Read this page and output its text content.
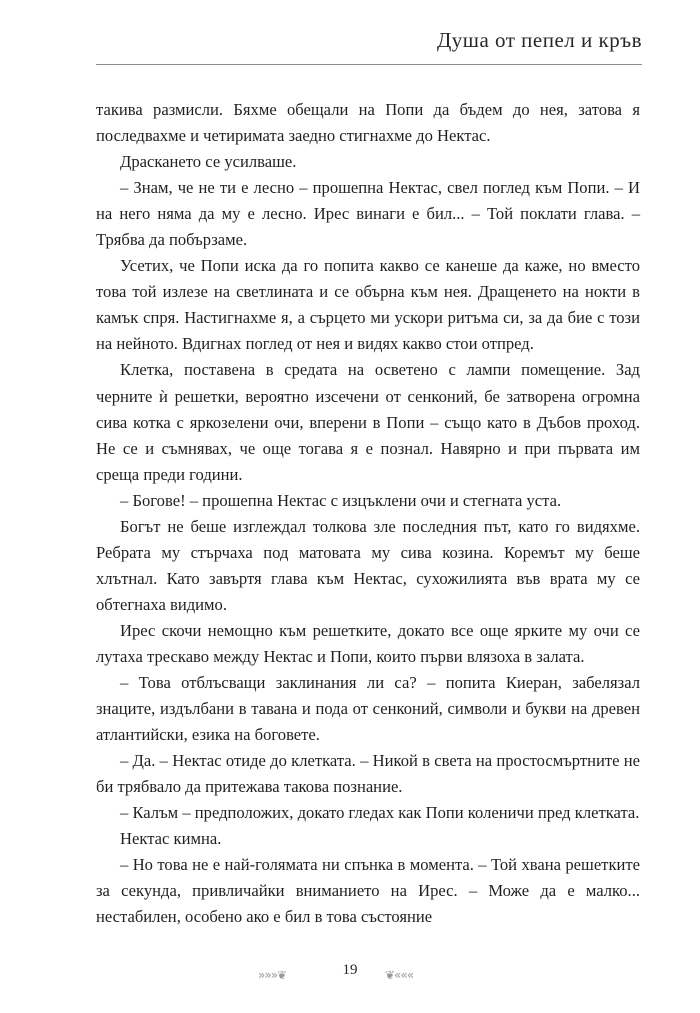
Душа от пепел и кръв

такива размисли. Бяхме обещали на Попи да бъдем до нея, затова я последвахме и четиримата заедно стигнахме до Нектас.

Драскането се усилваше.

– Знам, че не ти е лесно – прошепна Нектас, свел поглед към Попи. – И на него няма да му е лесно. Ирес винаги е бил... – Той поклати глава. – Трябва да побързаме.

Усетих, че Попи иска да го попита какво се канеше да каже, но вместо това той излезе на светлината и се обърна към нея. Дращенето на нокти в камък спря. Настигнахме я, а сърцето ми ускори ритъма си, за да бие с този на нейното. Вдигнах поглед от нея и видях какво стои отпред.

Клетка, поставена в средата на осветено с лампи помещение. Зад черните ѝ решетки, вероятно изсечени от сенконий, бе затворена огромна сива котка с яркозелени очи, вперени в Попи – също като в Дъбов проход. Не се и съмнявах, че още тогава я е познал. Навярно и при първата им среща преди години.

– Богове! – прошепна Нектас с изцъклени очи и стегната уста.

Богът не беше изглеждал толкова зле последния път, като го видяхме. Ребрата му стърчаха под матовата му сива козина. Коремът му беше хлътнал. Като завъртя глава към Нектас, сухожилията във врата му се обтегнаха видимо.

Ирес скочи немощно към решетките, докато все още ярките му очи се лутаха трескаво между Нектас и Попи, които първи влязоха в залата.

– Това отблъсващи заклинания ли са? – попита Киеран, забелязал знаците, издълбани в тавана и пода от сенконий, символи и букви на древен атлантийски, езика на боговете.

– Да. – Нектас отиде до клетката. – Никой в света на простосмъртните не би трябвало да притежава такова познание.

– Калъм – предположих, докато гледах как Попи коленичи пред клетката.

Нектас кимна.

– Но това не е най-голямата ни спънка в момента. – Той хвана решетките за секунда, привличайки вниманието на Ирес. – Може да е малко... нестабилен, особено ако е бил в това състояние

»»»❦	19	❦«««
